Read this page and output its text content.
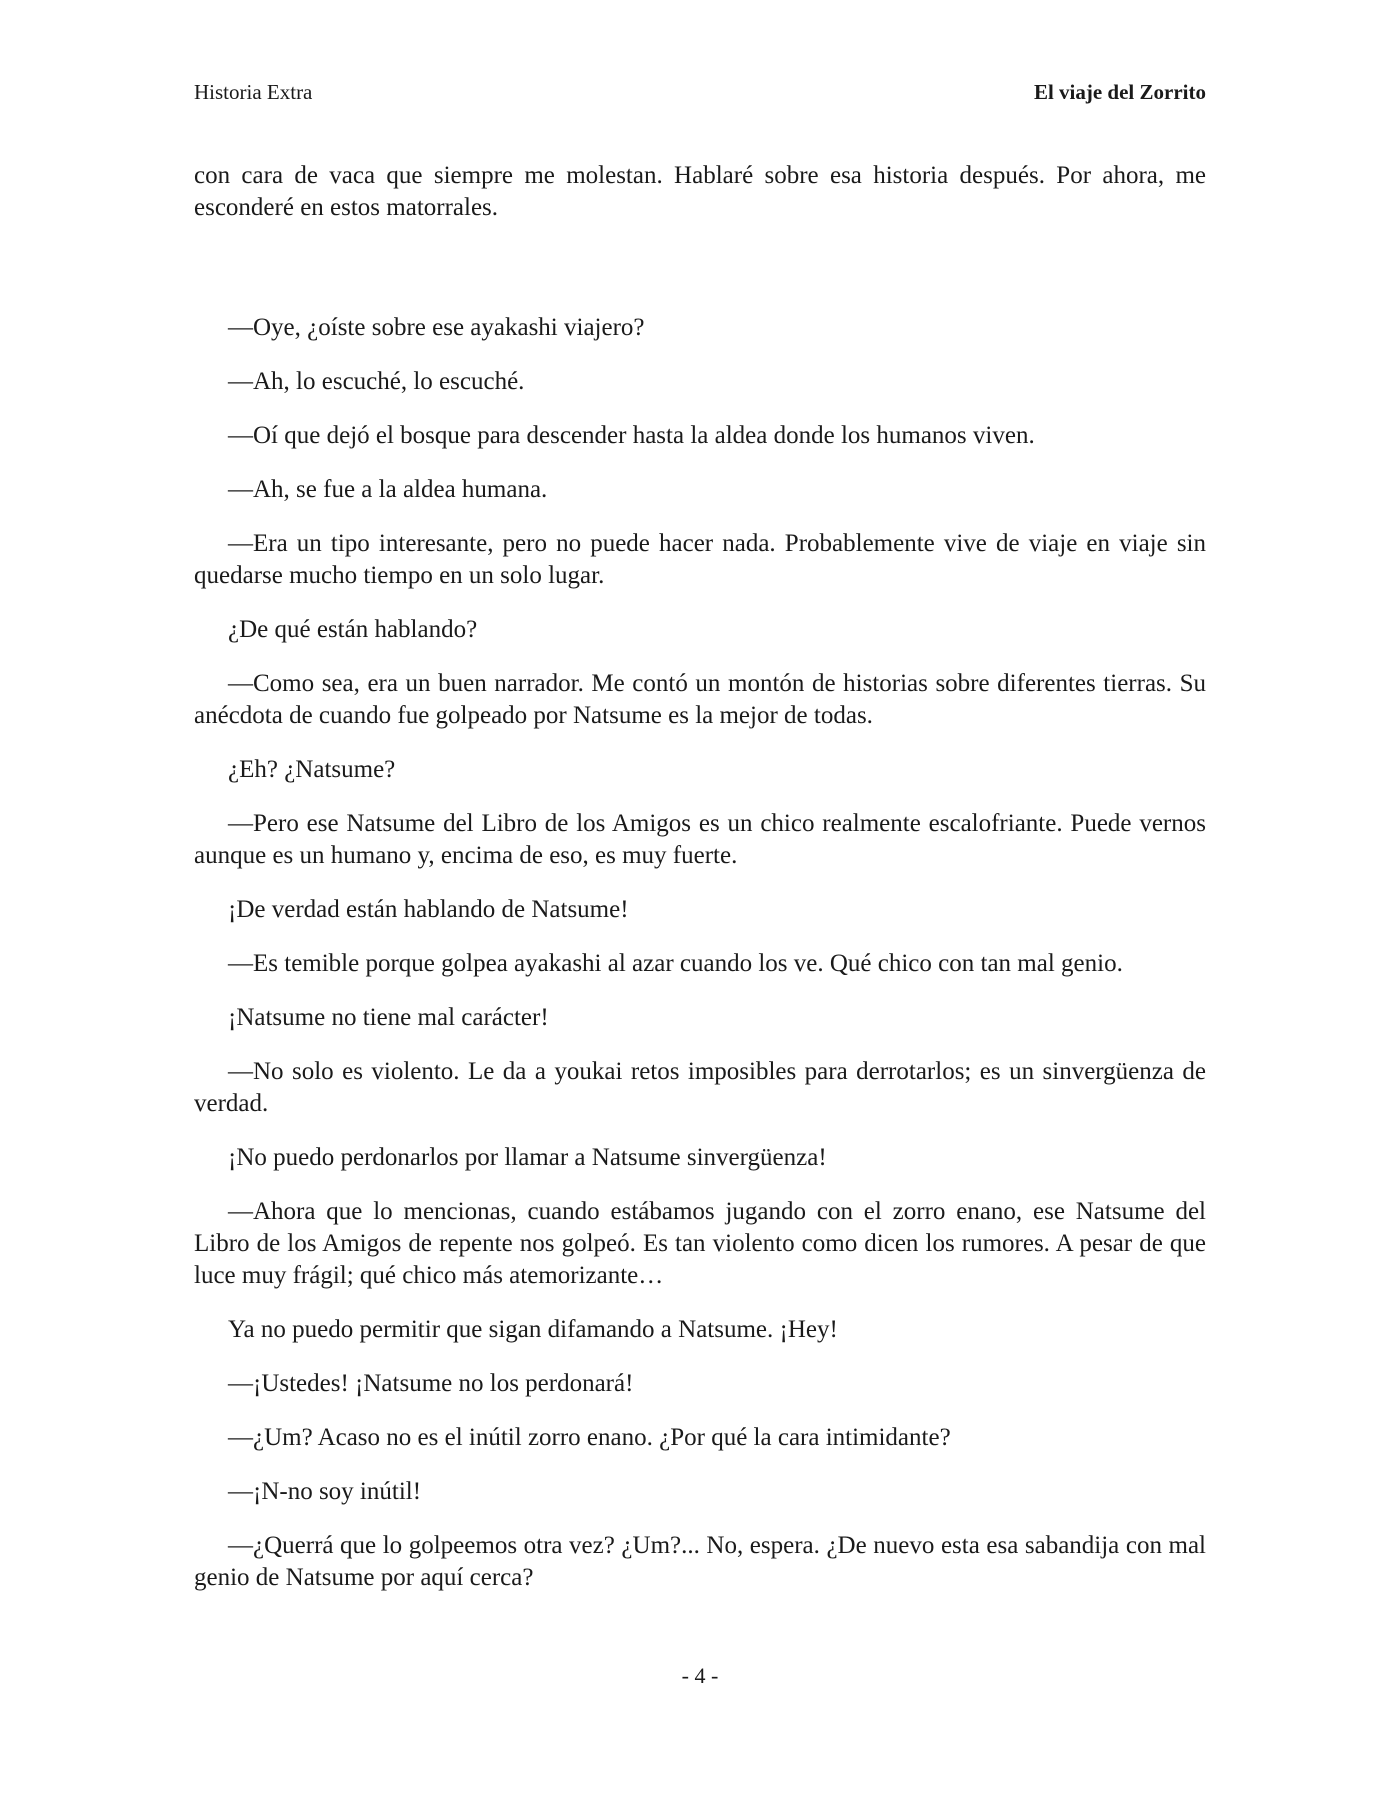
Historia Extra	El viaje del Zorrito

con cara de vaca que siempre me molestan. Hablaré sobre esa historia después. Por ahora, me esconderé en estos matorrales.

—Oye, ¿oíste sobre ese ayakashi viajero?

—Ah, lo escuché, lo escuché.

—Oí que dejó el bosque para descender hasta la aldea donde los humanos viven.

—Ah, se fue a la aldea humana.

—Era un tipo interesante, pero no puede hacer nada. Probablemente vive de viaje en viaje sin quedarse mucho tiempo en un solo lugar.

¿De qué están hablando?

—Como sea, era un buen narrador. Me contó un montón de historias sobre diferentes tierras. Su anécdota de cuando fue golpeado por Natsume es la mejor de todas.

¿Eh? ¿Natsume?

—Pero ese Natsume del Libro de los Amigos es un chico realmente escalofriante. Puede vernos aunque es un humano y, encima de eso, es muy fuerte.

¡De verdad están hablando de Natsume!

—Es temible porque golpea ayakashi al azar cuando los ve. Qué chico con tan mal genio.

¡Natsume no tiene mal carácter!

—No solo es violento. Le da a youkai retos imposibles para derrotarlos; es un sinvergüenza de verdad.

¡No puedo perdonarlos por llamar a Natsume sinvergüenza!

—Ahora que lo mencionas, cuando estábamos jugando con el zorro enano, ese Natsume del Libro de los Amigos de repente nos golpeó. Es tan violento como dicen los rumores. A pesar de que luce muy frágil; qué chico más atemorizante…

Ya no puedo permitir que sigan difamando a Natsume. ¡Hey!

—¡Ustedes! ¡Natsume no los perdonará!

—¿Um? Acaso no es el inútil zorro enano. ¿Por qué la cara intimidante?

—¡N-no soy inútil!

—¿Querrá que lo golpeemos otra vez? ¿Um?... No, espera. ¿De nuevo esta esa sabandija con mal genio de Natsume por aquí cerca?

- 4 -
